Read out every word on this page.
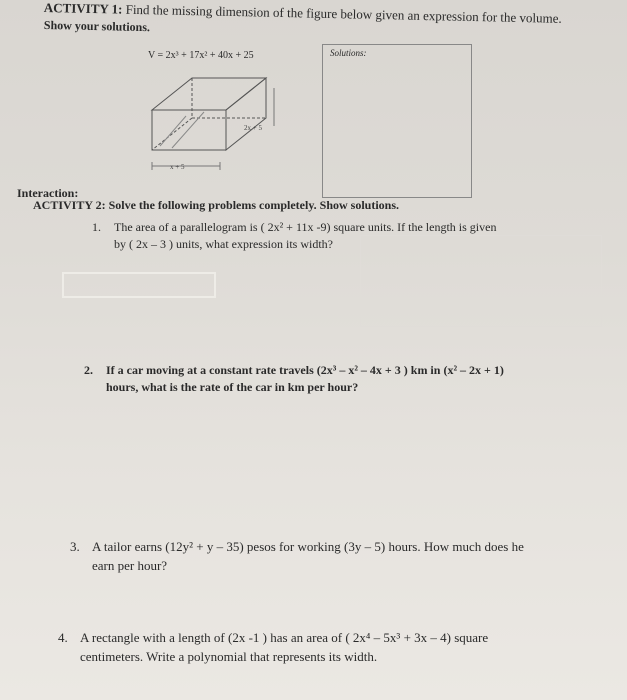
ACTIVITY 1: Find the missing dimension of the figure below given an expression for the volume.
Show your solutions.
V = 2x³ + 17x² + 40x + 25	Solutions:
2x + 5
x + 5
Interaction:
ACTIVITY 2: Solve the following problems completely. Show solutions.
1. The area of a parallelogram is ( 2x² + 11x -9) square units. If the length is given
by ( 2x – 3 ) units, what expression its width?
2. If a car moving at a constant rate travels (2x³ – x² – 4x + 3 ) km in (x² – 2x + 1)
hours, what is the rate of the car in km per hour?
3. A tailor earns (12y² + y – 35) pesos for working (3y – 5) hours. How much does he
earn per hour?
4. A rectangle with a length of (2x -1 ) has an area of ( 2x⁴ – 5x³ + 3x – 4) square
centimeters. Write a polynomial that represents its width.
